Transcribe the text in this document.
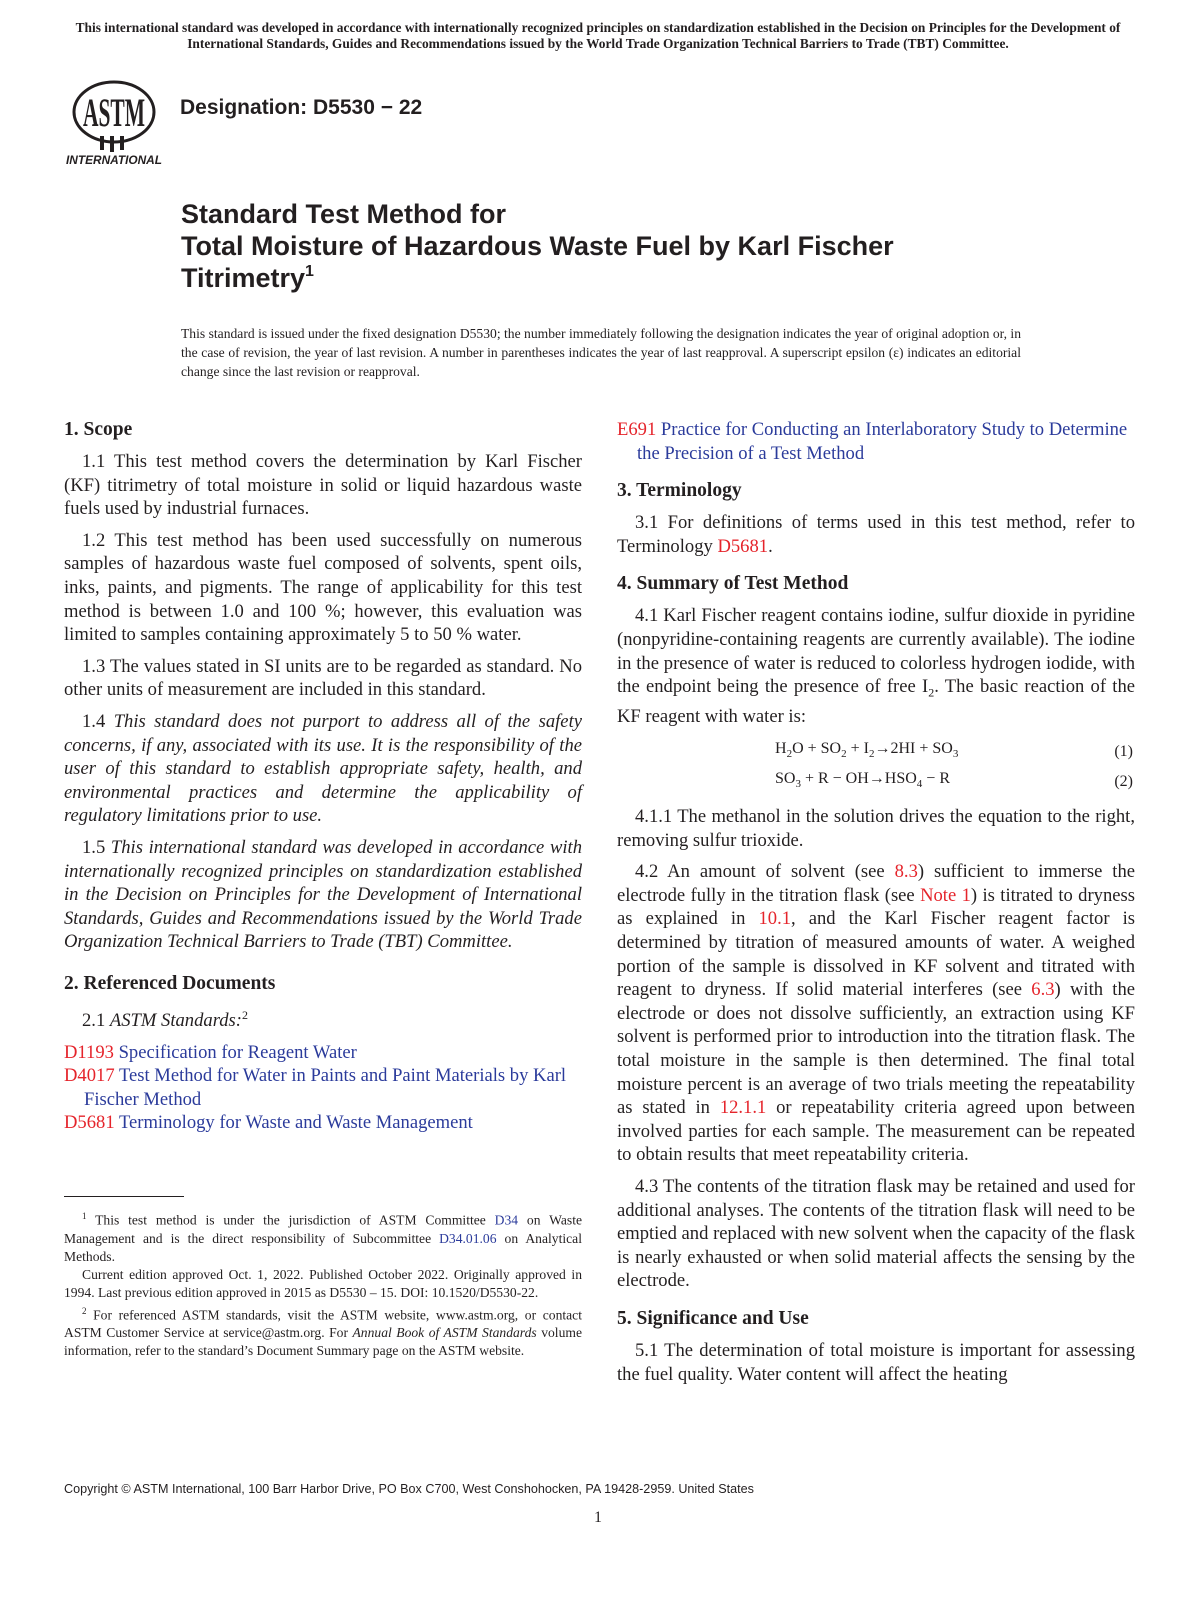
This international standard was developed in accordance with internationally recognized principles on standardization established in the Decision on Principles for the Development of International Standards, Guides and Recommendations issued by the World Trade Organization Technical Barriers to Trade (TBT) Committee.
ASTM
INTERNATIONAL
Designation: D5530 − 22
Standard Test Method for
Total Moisture of Hazardous Waste Fuel by Karl Fischer
Titrimetry$^1$
This standard is issued under the fixed designation D5530; the number immediately following the designation indicates the year of original adoption or, in the case of revision, the year of last revision. A number in parentheses indicates the year of last reapproval. A superscript epsilon (ε) indicates an editorial change since the last revision or reapproval.
1. Scope

1.1 This test method covers the determination by Karl Fischer (KF) titrimetry of total moisture in solid or liquid hazardous waste fuels used by industrial furnaces.

1.2 This test method has been used successfully on numerous samples of hazardous waste fuel composed of solvents, spent oils, inks, paints, and pigments. The range of applicability for this test method is between 1.0 and 100 %; however, this evaluation was limited to samples containing approximately 5 to 50 % water.

1.3 The values stated in SI units are to be regarded as standard. No other units of measurement are included in this standard.

1.4 This standard does not purport to address all of the safety concerns, if any, associated with its use. It is the responsibility of the user of this standard to establish appropriate safety, health, and environmental practices and determine the applicability of regulatory limitations prior to use.

1.5 This international standard was developed in accordance with internationally recognized principles on standardization established in the Decision on Principles for the Development of International Standards, Guides and Recommendations issued by the World Trade Organization Technical Barriers to Trade (TBT) Committee.

2. Referenced Documents

2.1 ASTM Standards:$^2$

D1193 Specification for Reagent Water
D4017 Test Method for Water in Paints and Paint Materials by Karl Fischer Method
D5681 Terminology for Waste and Waste Management

$^1$ This test method is under the jurisdiction of ASTM Committee D34 on Waste Management and is the direct responsibility of Subcommittee D34.01.06 on Analytical Methods.

Current edition approved Oct. 1, 2022. Published October 2022. Originally approved in 1994. Last previous edition approved in 2015 as D5530 – 15. DOI: 10.1520/D5530-22.

$^2$ For referenced ASTM standards, visit the ASTM website, www.astm.org, or contact ASTM Customer Service at service@astm.org. For Annual Book of ASTM Standards volume information, refer to the standard’s Document Summary page on the ASTM website.

E691 Practice for Conducting an Interlaboratory Study to Determine the Precision of a Test Method
3. Terminology

3.1 For definitions of terms used in this test method, refer to Terminology D5681.

4. Summary of Test Method

4.1 Karl Fischer reagent contains iodine, sulfur dioxide in pyridine (nonpyridine-containing reagents are currently available). The iodine in the presence of water is reduced to colorless hydrogen iodide, with the endpoint being the presence of free $I_2$. The basic reaction of the KF reagent with water is:

$H_2O + SO_2 + I_2\to 2HI + SO_3$	(1)
$SO_3 + R - OH\to HSO_4 - R$	(2)

4.1.1 The methanol in the solution drives the equation to the right, removing sulfur trioxide.

4.2 An amount of solvent (see 8.3) sufficient to immerse the electrode fully in the titration flask (see Note 1) is titrated to dryness as explained in 10.1, and the Karl Fischer reagent factor is determined by titration of measured amounts of water. A weighed portion of the sample is dissolved in KF solvent and titrated with reagent to dryness. If solid material interferes (see 6.3) with the electrode or does not dissolve sufficiently, an extraction using KF solvent is performed prior to introduction into the titration flask. The total moisture in the sample is then determined. The final total moisture percent is an average of two trials meeting the repeatability as stated in 12.1.1 or repeatability criteria agreed upon between involved parties for each sample. The measurement can be repeated to obtain results that meet repeatability criteria.

4.3 The contents of the titration flask may be retained and used for additional analyses. The contents of the titration flask will need to be emptied and replaced with new solvent when the capacity of the flask is nearly exhausted or when solid material affects the sensing by the electrode.

5. Significance and Use

5.1 The determination of total moisture is important for assessing the fuel quality. Water content will affect the heating

Copyright © ASTM International, 100 Barr Harbor Drive, PO Box C700, West Conshohocken, PA 19428-2959. United States
1
